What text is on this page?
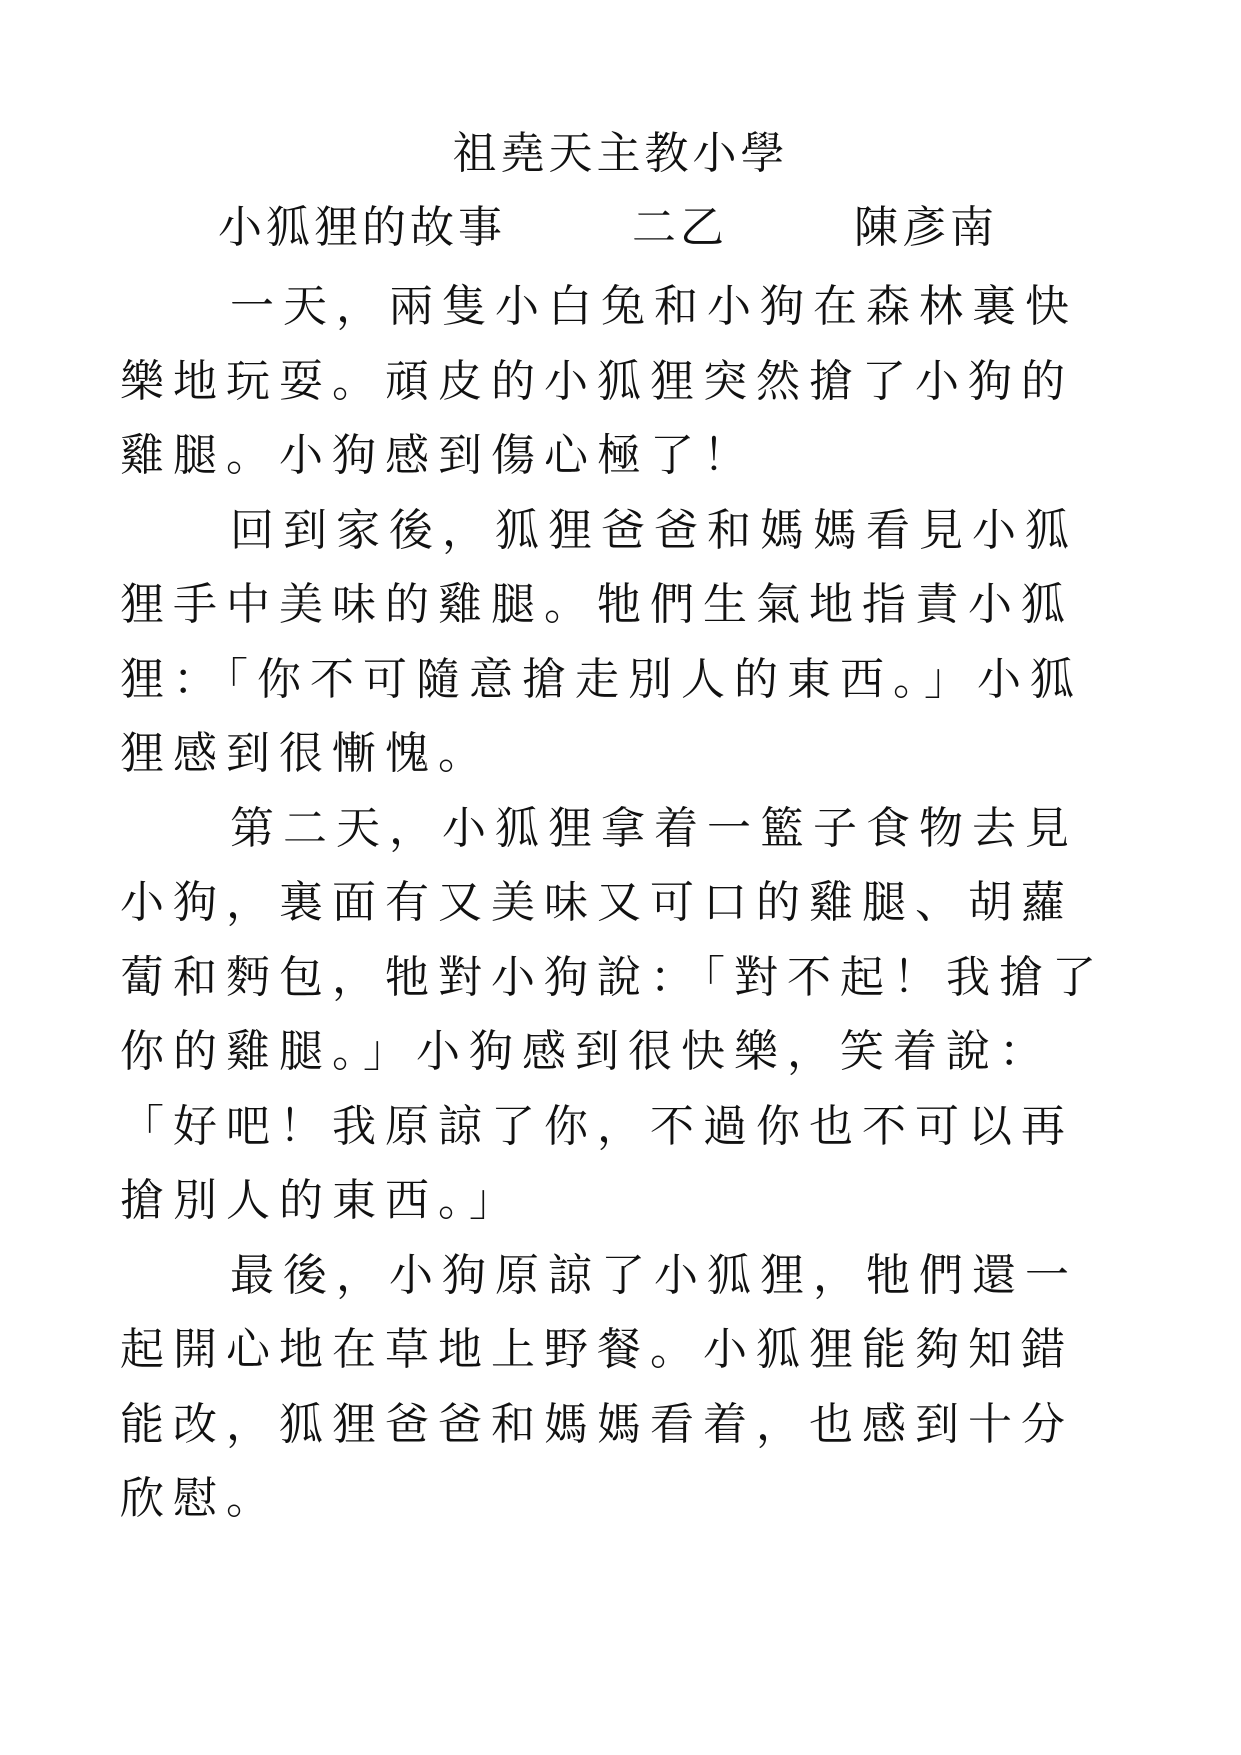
祖堯天主教小學
小狐狸的故事	二乙	陳彥南
一天，兩隻小白兔和小狗在森林裏快
樂地玩耍。頑皮的小狐狸突然搶了小狗的
雞腿。小狗感到傷心極了！
回到家後，狐狸爸爸和媽媽看見小狐
狸手中美味的雞腿。牠們生氣地指責小狐
狸：「你不可隨意搶走別人的東西。」小狐
狸感到很慚愧。
第二天，小狐狸拿着一籃子食物去見
小狗，裏面有又美味又可口的雞腿、胡蘿
蔔和麪包，牠對小狗說：「對不起！我搶了
你的雞腿。」小狗感到很快樂，笑着說：
「好吧！我原諒了你，不過你也不可以再
搶別人的東西。」
最後，小狗原諒了小狐狸，牠們還一
起開心地在草地上野餐。小狐狸能夠知錯
能改，狐狸爸爸和媽媽看着，也感到十分
欣慰。
